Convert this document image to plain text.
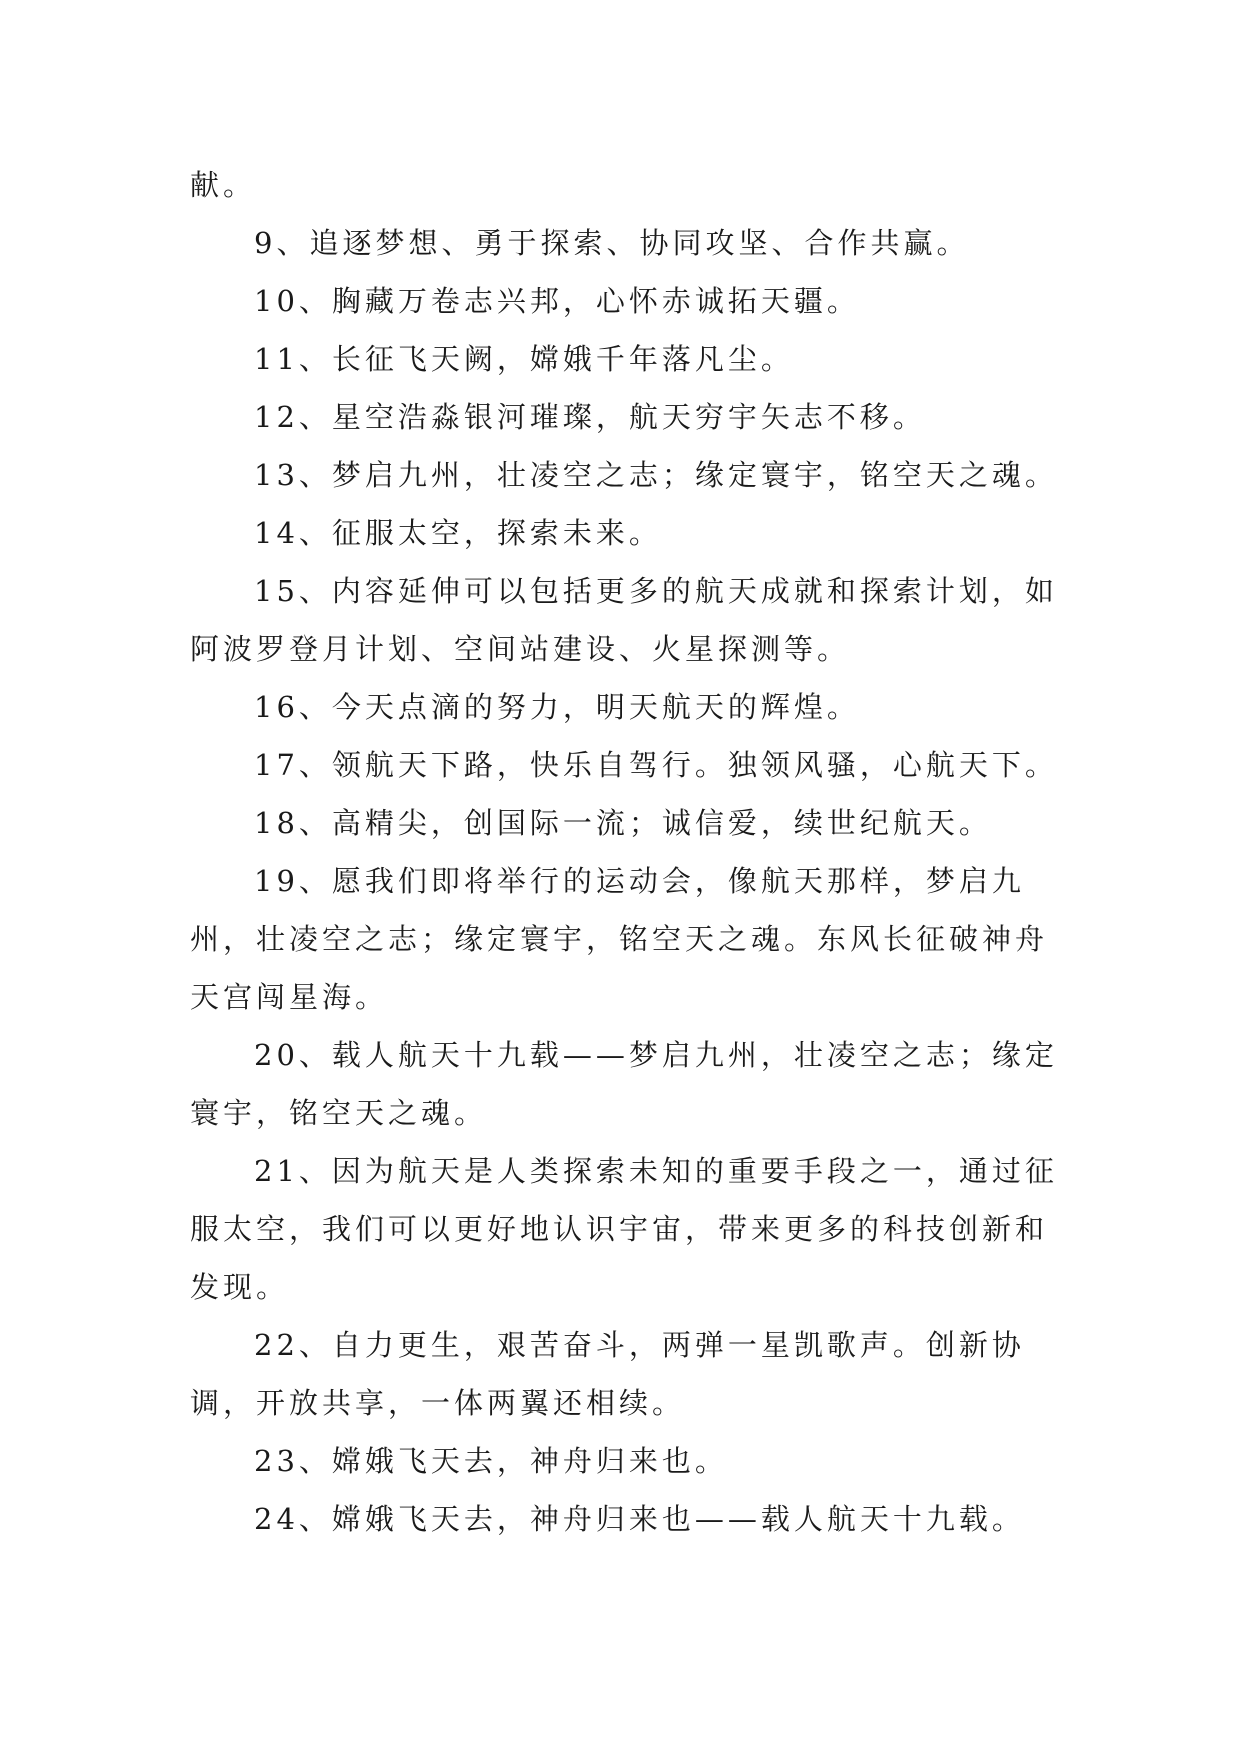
献。

9、追逐梦想、勇于探索、协同攻坚、合作共赢。

10、胸藏万卷志兴邦，心怀赤诚拓天疆。

11、长征飞天阙，嫦娥千年落凡尘。

12、星空浩淼银河璀璨，航天穷宇矢志不移。

13、梦启九州，壮凌空之志；缘定寰宇，铭空天之魂。

14、征服太空，探索未来。

15、内容延伸可以包括更多的航天成就和探索计划，如阿波罗登月计划、空间站建设、火星探测等。

16、今天点滴的努力，明天航天的辉煌。

17、领航天下路，快乐自驾行。独领风骚，心航天下。

18、高精尖，创国际一流；诚信爱，续世纪航天。

19、愿我们即将举行的运动会，像航天那样，梦启九州，壮凌空之志；缘定寰宇，铭空天之魂。东风长征破神舟天宫闯星海。

20、载人航天十九载——梦启九州，壮凌空之志；缘定寰宇，铭空天之魂。

21、因为航天是人类探索未知的重要手段之一，通过征服太空，我们可以更好地认识宇宙，带来更多的科技创新和发现。

22、自力更生，艰苦奋斗，两弹一星凯歌声。创新协调，开放共享，一体两翼还相续。

23、嫦娥飞天去，神舟归来也。

24、嫦娥飞天去，神舟归来也——载人航天十九载。
